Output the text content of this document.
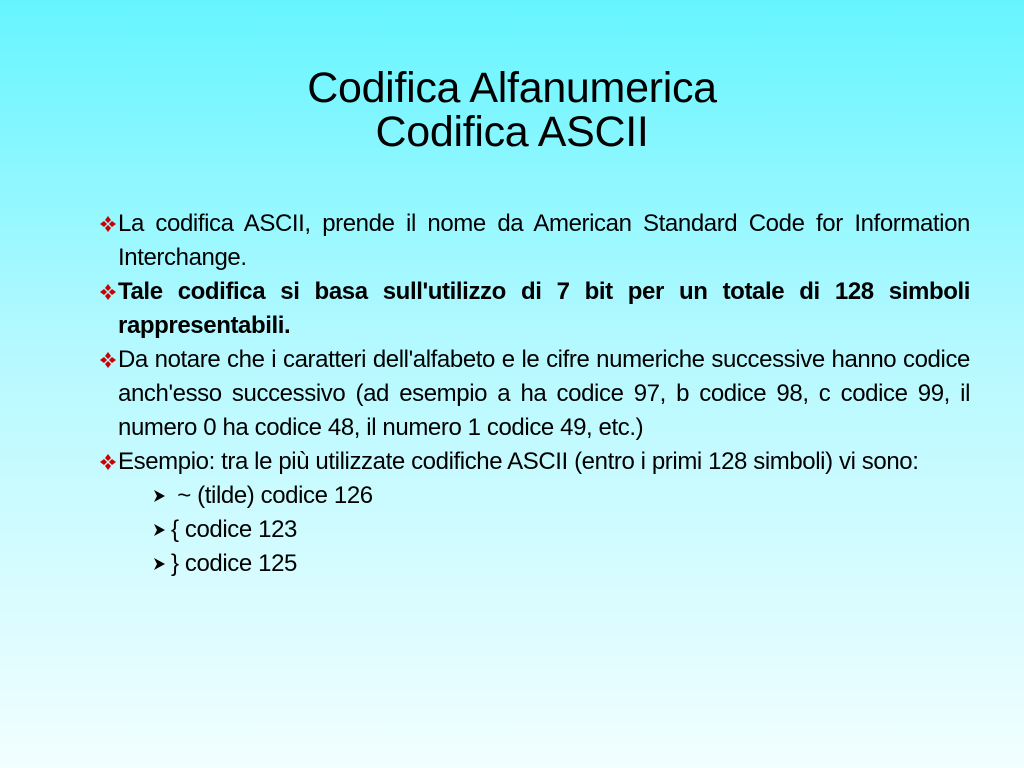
Codifica Alfanumerica
Codifica ASCII

La codifica ASCII, prende il nome da American Standard Code for Information Interchange.

Tale codifica si basa sull'utilizzo di 7 bit per un totale di 128 simboli rappresentabili.

Da notare che i caratteri dell'alfabeto e le cifre numeriche successive hanno codice anch'esso successivo (ad esempio a ha codice 97, b codice 98, c codice 99, il numero 0 ha codice 48, il numero 1 codice 49, etc.)

Esempio: tra le più utilizzate codifiche ASCII (entro i primi 128 simboli) vi sono:

~ (tilde) codice 126

{ codice 123

} codice 125
